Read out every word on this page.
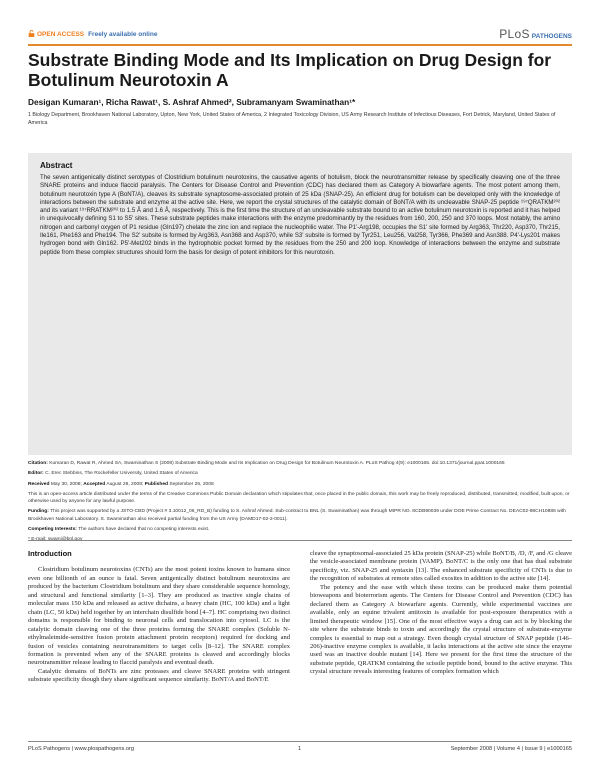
OPEN ACCESS Freely available online	PLoS PATHOGENS
Substrate Binding Mode and Its Implication on Drug Design for Botulinum Neurotoxin A
Desigan Kumaran¹, Richa Rawat¹, S. Ashraf Ahmed², Subramanyam Swaminathan¹*
1 Biology Department, Brookhaven National Laboratory, Upton, New York, United States of America, 2 Integrated Toxicology Division, US Army Research Institute of Infectious Diseases, Fort Detrick, Maryland, United States of America
Abstract

The seven antigenically distinct serotypes of Clostridium botulinum neurotoxins, the causative agents of botulism, block the neurotransmitter release by specifically cleaving one of the three SNARE proteins and induce flaccid paralysis. The Centers for Disease Control and Prevention (CDC) has declared them as Category A biowarfare agents. The most potent among them, botulinum neurotoxin type A (BoNT/A), cleaves its substrate synaptosome-associated protein of 25 kDa (SNAP-25). An efficient drug for botulism can be developed only with the knowledge of interactions between the substrate and enzyme at the active site. Here, we report the crystal structures of the catalytic domain of BoNT/A with its uncleavable SNAP-25 peptide ¹⁹⁷QRATKM²⁰² and its variant ¹⁹⁷RRATKM²⁰² to 1.5 Å and 1.6 Å, respectively. This is the first time the structure of an uncleavable substrate bound to an active botulinum neurotoxin is reported and it has helped in unequivocally defining S1 to S5' sites. These substrate peptides make interactions with the enzyme predominantly by the residues from 160, 200, 250 and 370 loops. Most notably, the amino nitrogen and carbonyl oxygen of P1 residue (Gln197) chelate the zinc ion and replace the nucleophilic water. The P1'-Arg198, occupies the S1' site formed by Arg363, Thr220, Asp370, Thr215, Ile161, Phe163 and Phe194. The S2' subsite is formed by Arg363, Asn368 and Asp370, while S3' subsite is formed by Tyr251, Leu256, Val258, Tyr366, Phe369 and Asn388. P4'-Lys201 makes hydrogen bond with Gln162. P5'-Met202 binds in the hydrophobic pocket formed by the residues from the 250 and 200 loop. Knowledge of interactions between the enzyme and substrate peptide from these complex structures should form the basis for design of potent inhibitors for this neurotoxin.

Citation: Kumaran D, Rawat R, Ahmed SA, Swaminathan S (2008) Substrate Binding Mode and Its Implication on Drug Design for Botulinum Neurotoxin A. PLoS Pathog 4(9): e1000165. doi:10.1371/journal.ppat.1000165

Editor: C. Erec Stebbins, The Rockefeller University, United States of America

Received May 30, 2008; Accepted August 28, 2008; Published September 26, 2008

This is an open-access article distributed under the terms of the Creative Commons Public Domain declaration which stipulates that, once placed in the public domain, this work may be freely reproduced, distributed, transmitted, modified, built upon, or otherwise used by anyone for any lawful purpose.

Funding: This project was supported by a JSTO-CBD (Project # 3.10012_06_RD_B) funding to S. Ashraf Ahmed. Sub-contract to BNL (S. Swaminathan) was through MIPR NO. 8CDB90039 under DOE Prime Contract No. DEAC02-98CH10886 with Brookhaven National Laboratory. S. Swaminathan also received partial funding from the US Army (DAMD17-02-2-0011).

Competing Interests: The authors have declared that no competing interests exist.

* E-mail: swami@bnl.gov

Introduction

Clostridium botulinum neurotoxins (CNTs) are the most potent toxins known to humans since even one billionth of an ounce is fatal. Seven antigenically distinct botulinum neurotoxins are produced by the bacterium Clostridium botulinum and they share considerable sequence homology, and structural and functional similarity [1–3]. They are produced as inactive single chains of molecular mass 150 kDa and released as active dichains, a heavy chain (HC, 100 kDa) and a light chain (LC, 50 kDa) held together by an interchain disulfide bond [4–7]. HC comprising two distinct domains is responsible for binding to neuronal cells and translocation into cytosol. LC is the catalytic domain cleaving one of the three proteins forming the SNARE complex (Soluble N-ethylmaleimide-sensitive fusion protein attachment protein receptors) required for docking and fusion of vesicles containing neurotransmitters to target cells [8–12]. The SNARE complex formation is prevented when any of the SNARE proteins is cleaved and accordingly blocks neurotransmitter release leading to flaccid paralysis and eventual death.

Catalytic domains of BoNTs are zinc proteases and cleave SNARE proteins with stringent substrate specificity though they share significant sequence similarity. BoNT/A and BoNT/E

cleave the synaptosomal-associated 25 kDa protein (SNAP-25) while BoNT/B, /D, /F, and /G cleave the vesicle-associated membrane protein (VAMP). BoNT/C is the only one that has dual substrate specificity, viz. SNAP-25 and syntaxin [13]. The enhanced substrate specificity of CNTs is due to the recognition of substrates at remote sites called exosites in addition to the active site [14].

The potency and the ease with which these toxins can be produced make them potential bioweapons and bioterrorism agents. The Centers for Disease Control and Prevention (CDC) has declared them as Category A biowarfare agents. Currently, while experimental vaccines are available, only an equine trivalent antitoxin is available for post-exposure therapeutics with a limited therapeutic window [15]. One of the most effective ways a drug can act is by blocking the site where the substrate binds to toxin and accordingly the crystal structure of substrate-enzyme complex is essential to map out a strategy. Even though crystal structure of SNAP peptide (146–206)-inactive enzyme complex is available, it lacks interactions at the active site since the enzyme used was an inactive double mutant [14]. Here we present for the first time the structure of the substrate peptide, QRATKM containing the scissile peptide bond, bound to the active enzyme. This crystal structure reveals interesting features of complex formation which

PLoS Pathogens | www.plospathogens.org	1	September 2008 | Volume 4 | Issue 9 | e1000165
